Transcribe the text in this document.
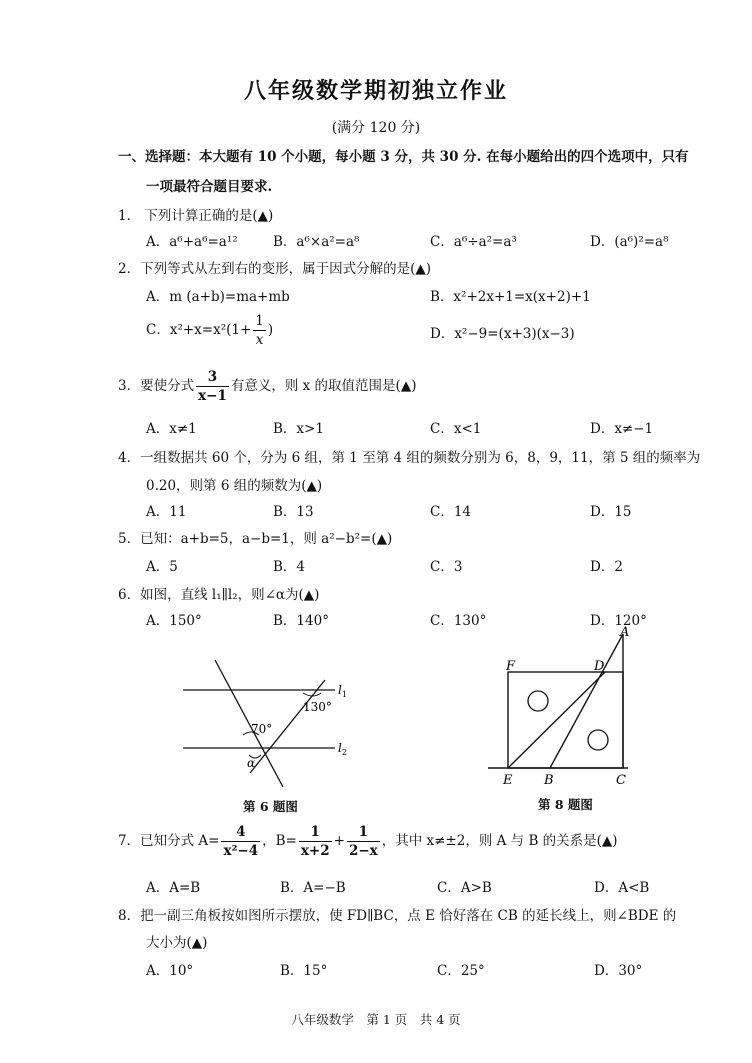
八年级数学期初独立作业
(满分 120 分)
一、选择题：本大题有 10 个小题，每小题 3 分，共 30 分. 在每小题给出的四个选项中，只有
一项最符合题目要求.
1． 下列计算正确的是(▲)
A．a⁶+a⁶=a¹²	B．a⁶×a²=a⁸	C．a⁶÷a²=a³	D．(a⁶)²=a⁸
2．下列等式从左到右的变形，属于因式分解的是(▲)
A．m (a+b)=ma+mb	B．x²+2x+1=x(x+2)+1
C．$x^2+x=x^2(1+ \frac{1}{x}$ )	D．x²−9=(x+3)(x−3)
3．要使分式 $\frac{3}{x-1}$ 有意义，则 x 的取值范围是(▲)
A．x≠1	B．x>1	C．x<1	D．x≠−1
4．一组数据共 60 个，分为 6 组，第 1 至第 4 组的频数分别为 6，8，9，11，第 5 组的频率为
0.20，则第 6 组的频数为(▲)
A．11	B．13	C．14	D．15
5．已知：a+b=5，a−b=1，则 a²−b²=(▲)
A．5	B．4	C．3	D．2
6．如图，直线 l₁∥l₂，则∠α为(▲)
A．150°	B．140°	C．130°	D．120°
$l_1$
$l_2$
130°
70°
α
第 6 题图
A
D
F
E B	C
第 8 题图
7．已知分式 $A= \frac{4}{\text{x²−4}}$ ，$B= \frac{1}{x+2} + \frac{1}{2-x}$ ，其中 x≠±2，则 A 与 B 的关系是(▲)
A．A=B	B．A=−B	C．A>B	D．A<B
8．把一副三角板按如图所示摆放，使 FD∥BC，点 E 恰好落在 CB 的延长线上，则∠BDE 的
大小为(▲)
A．10°	B．15°	C．25°	D．30°
八年级数学　第 1 页　共 4 页
